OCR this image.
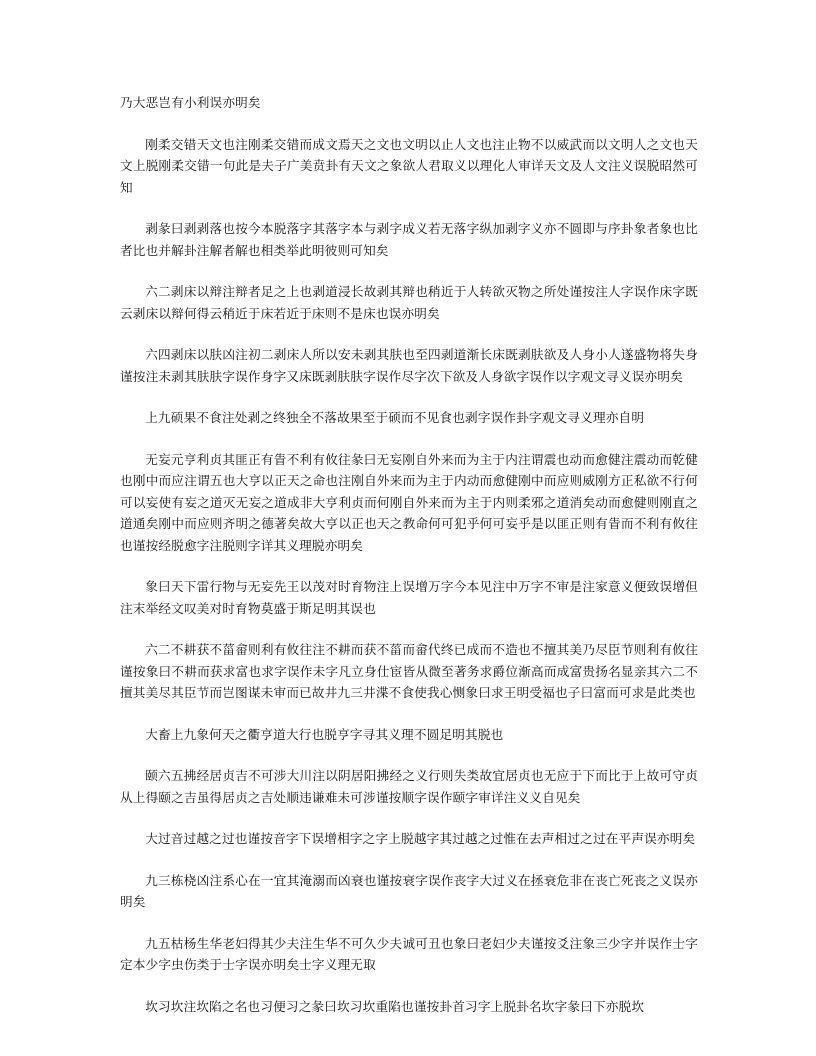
乃大恶岂有小利误亦明矣

刚柔交错天文也注刚柔交错而成文焉天之文也文明以止人文也注止物不以威武而以文明人之文也天文上脱刚柔交错一句此是夫子广美贲卦有天文之象欲人君取义以理化人审详天文及人文注义误脱昭然可知

剥彖曰剥剥落也按今本脱落字其落字本与剥字成义若无落字纵加剥字义亦不圆即与序卦象者象也比者比也并解卦注解者解也相类举此明彼则可知矣

六二剥床以辩注辩者足之上也剥道浸长故剥其辩也稍近于人转欲灭物之所处谨按注人字误作床字既云剥床以辩何得云稍近于床若近于床则不是床也误亦明矣

六四剥床以肤凶注初二剥床人所以安未剥其肤也至四剥道渐长床既剥肤欲及人身小人遂盛物将失身谨按注未剥其肤肤字误作身字又床既剥肤肤字误作尽字次下欲及人身欲字误作以字观文寻义误亦明矣

上九硕果不食注处剥之终独全不落故果至于硕而不见食也剥字误作卦字观文寻义理亦自明

无妄元亨利贞其匪正有眚不利有攸往彖曰无妄刚自外来而为主于内注谓震也动而愈健注震动而乾健也刚中而应注谓五也大亨以正天之命也注刚自外来而为主于内动而愈健刚中而应则威刚方正私欲不行何可以妄使有妄之道灭无妄之道成非大亨利贞而何刚自外来而为主于内则柔邪之道消矣动而愈健则刚直之道通矣刚中而应则齐明之德著矣故大亨以正也天之教命何可犯乎何可妄乎是以匪正则有眚而不利有攸往也谨按经脱愈字注脱则字详其义理脱亦明矣

象曰天下雷行物与无妄先王以茂对时育物注上误增万字今本见注中万字不审是注家意义便致误增但注末举经文叹美对时育物莫盛于斯足明其误也

六二不耕获不菑畲则利有攸往注不耕而获不菑而畲代终已成而不造也不擅其美乃尽臣节则利有攸往谨按象曰不耕而获求富也求字误作未字凡立身仕宦皆从微至著务求爵位渐高而成富贵扬名显亲其六二不擅其美尽其臣节而岂图谋未审而已故井九三井渫不食使我心恻象曰求王明受福也子曰富而可求是此类也

大畜上九象何天之衢亨道大行也脱亨字寻其义理不圆足明其脱也

颐六五拂经居贞吉不可涉大川注以阴居阳拂经之义行则失类故宜居贞也无应于下而比于上故可守贞从上得颐之吉虽得居贞之吉处顺违谦难未可涉谨按顺字误作颐字审详注义义自见矣

大过音过越之过也谨按音字下误增相字之字上脱越字其过越之过惟在去声相过之过在平声误亦明矣

九三栋桡凶注系心在一宜其淹溺而凶衰也谨按衰字误作丧字大过义在拯衰危非在丧亡死丧之义误亦明矣

九五枯杨生华老妇得其少夫注生华不可久少夫诚可丑也象曰老妇少夫谨按爻注象三少字并误作士字定本少字虫伤类于士字误亦明矣士字义理无取

坎习坎注坎陷之名也习便习之彖曰坎习坎重陷也谨按卦首习字上脱卦名坎字彖曰下亦脱坎
